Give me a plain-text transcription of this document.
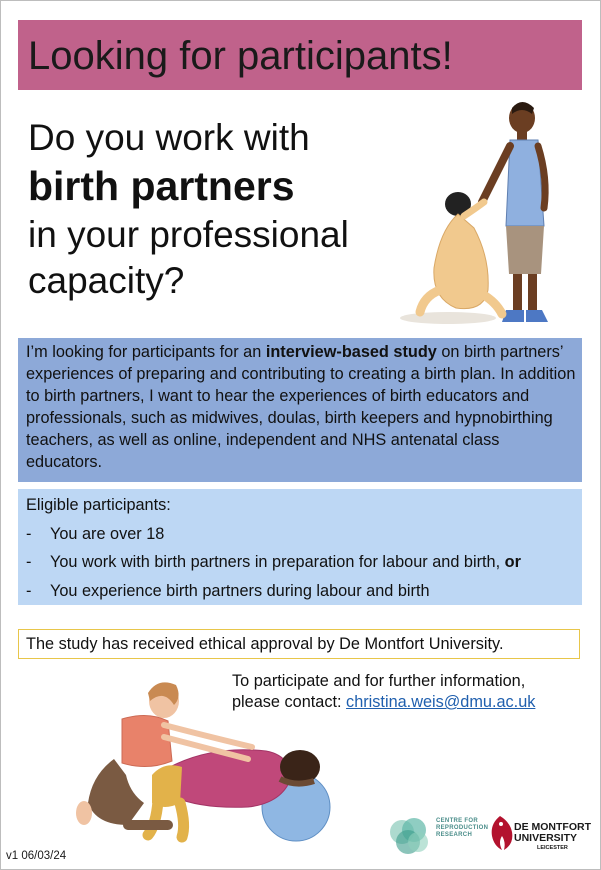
Looking for participants!
Do you work with
birth partners
in your professional
capacity?
I’m looking for participants for an interview-based study on birth partners’ experiences of preparing and contributing to creating a birth plan. In addition to birth partners, I want to hear the experiences of birth educators and professionals, such as midwives, doulas, birth keepers and hypnobirthing teachers, as well as online, independent and NHS antenatal class educators.
Eligible participants:
- You are over 18
- You work with birth partners in preparation for labour and birth, or
- You experience birth partners during labour and birth
The study has received ethical approval by De Montfort University.
To participate and for further information,
please contact: christina.weis@dmu.ac.uk
CENTRE FOR
REPRODUCTION
RESEARCH
DE MONTFORT
UNIVERSITY
LEICESTER
v1 06/03/24
